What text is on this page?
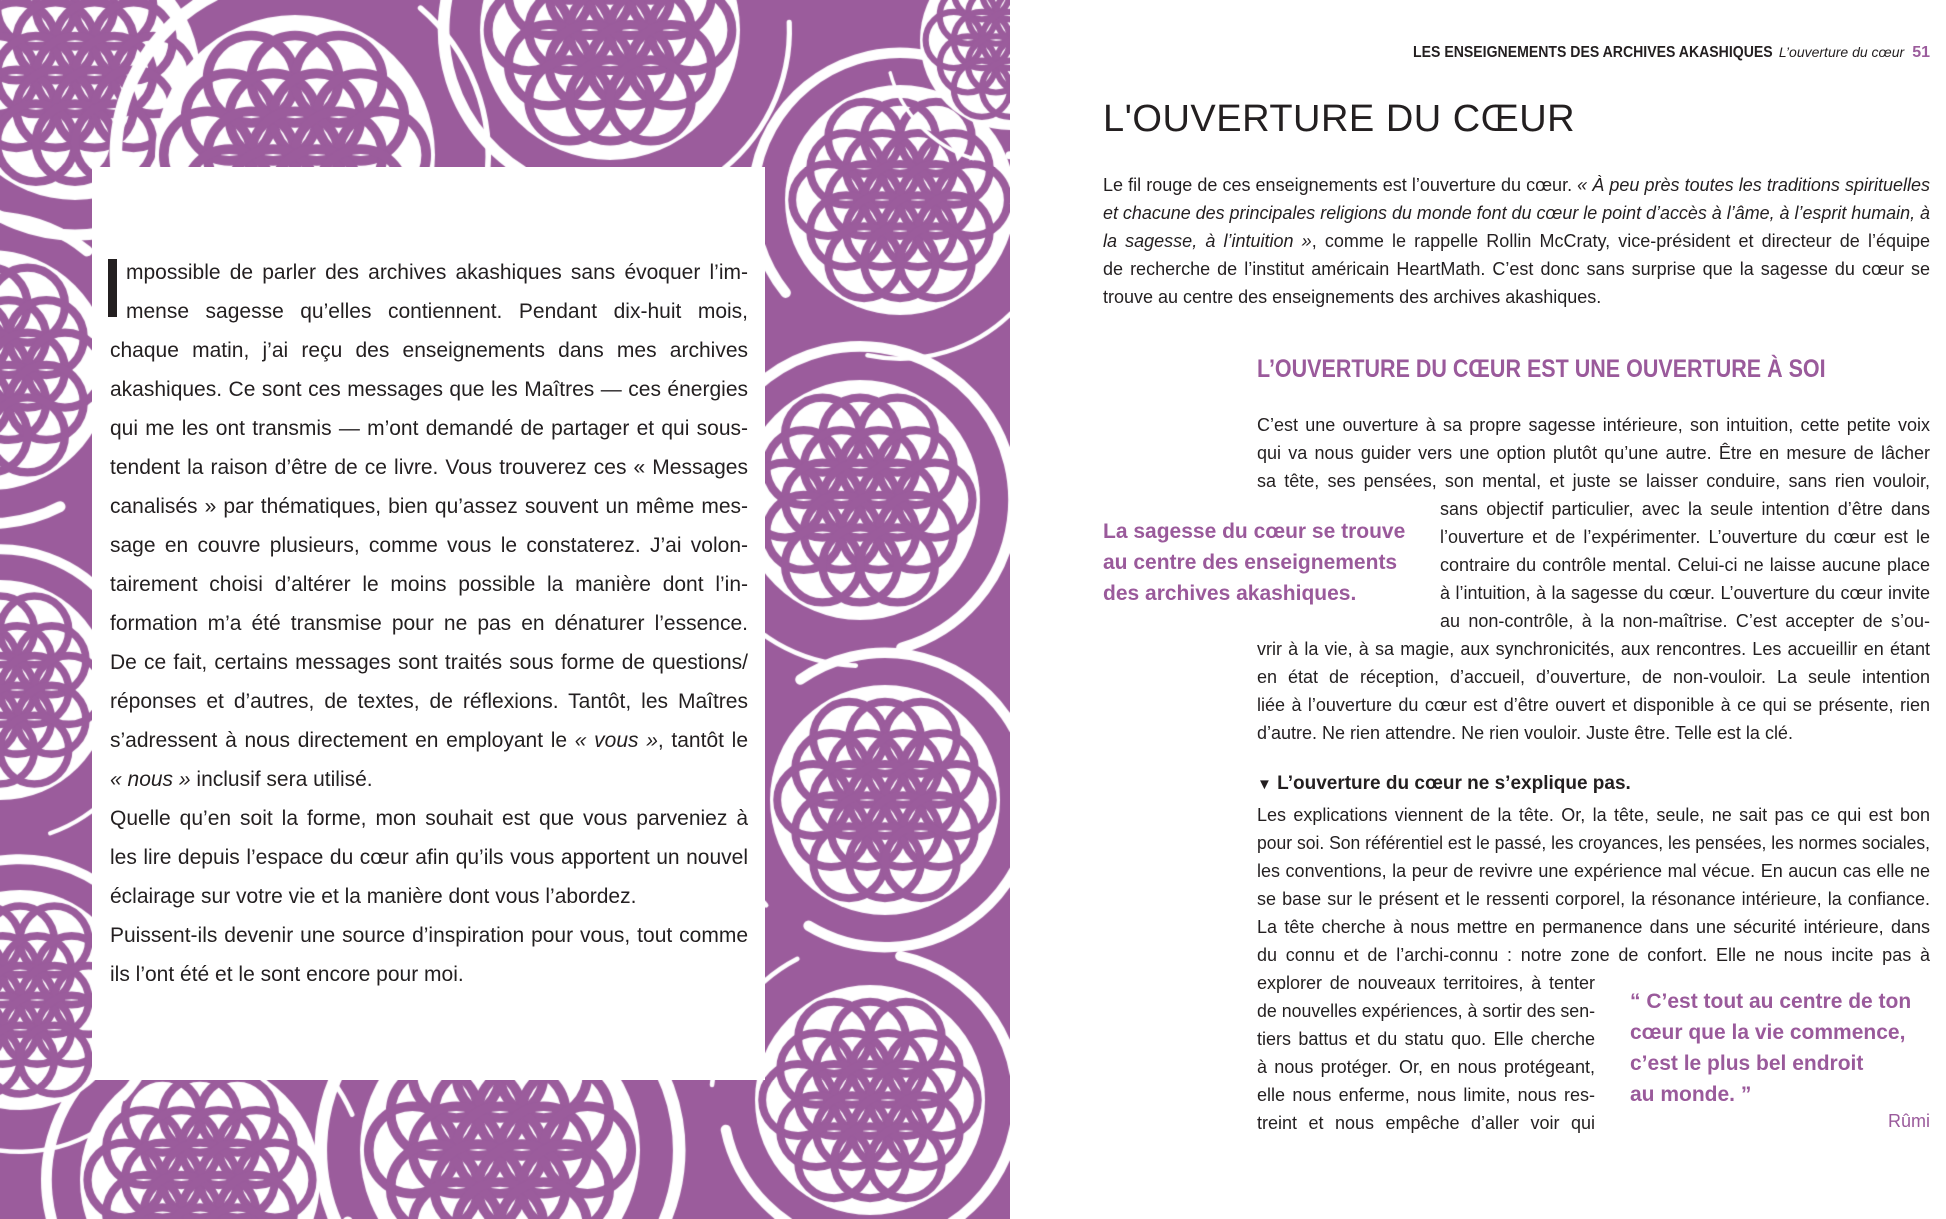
mpossible de parler des archives akashiques sans évoquer l’im-
mense sagesse qu’elles contiennent. Pendant dix-huit mois,
chaque matin, j’ai reçu des enseignements dans mes archives
akashiques. Ce sont ces messages que les Maîtres — ces énergies
qui me les ont transmis — m’ont demandé de partager et qui sous-
tendent la raison d’être de ce livre. Vous trouverez ces « Messages
canalisés » par thématiques, bien qu’assez souvent un même mes-
sage en couvre plusieurs, comme vous le constaterez. J’ai volon-
tairement choisi d’altérer le moins possible la manière dont l’in-
formation m’a été transmise pour ne pas en dénaturer l’essence.
De ce fait, certains messages sont traités sous forme de questions/
réponses et d’autres, de textes, de réflexions. Tantôt, les Maîtres
s’adressent à nous directement en employant le « vous », tantôt le
« nous » inclusif sera utilisé.
Quelle qu’en soit la forme, mon souhait est que vous parveniez à
les lire depuis l’espace du cœur afin qu’ils vous apportent un nouvel
éclairage sur votre vie et la manière dont vous l’abordez.
Puissent-ils devenir une source d’inspiration pour vous, tout comme
ils l’ont été et le sont encore pour moi.
LES ENSEIGNEMENTS DES ARCHIVES AKASHIQUES L’ouverture du cœur 51
L'OUVERTURE DU CŒUR
Le fil rouge de ces enseignements est l’ouverture du cœur. « À peu près toutes les traditions spirituelles
et chacune des principales religions du monde font du cœur le point d’accès à l’âme, à l’esprit humain, à
la sagesse, à l’intuition », comme le rappelle Rollin McCraty, vice-président et directeur de l’équipe
de recherche de l’institut américain HeartMath. C’est donc sans surprise que la sagesse du cœur se
trouve au centre des enseignements des archives akashiques.
L’OUVERTURE DU CŒUR EST UNE OUVERTURE À SOI
C’est une ouverture à sa propre sagesse intérieure, son intuition, cette petite voix
qui va nous guider vers une option plutôt qu’une autre. Être en mesure de lâcher
sa tête, ses pensées, son mental, et juste se laisser conduire, sans rien vouloir,
sans objectif particulier, avec la seule intention d’être dans
l’ouverture et de l’expérimenter. L’ouverture du cœur est le
contraire du contrôle mental. Celui-ci ne laisse aucune place
à l’intuition, à la sagesse du cœur. L’ouverture du cœur invite
au non-contrôle, à la non-maîtrise. C’est accepter de s’ou-
vrir à la vie, à sa magie, aux synchronicités, aux rencontres. Les accueillir en étant
en état de réception, d’accueil, d’ouverture, de non-vouloir. La seule intention
liée à l’ouverture du cœur est d’être ouvert et disponible à ce qui se présente, rien
d’autre. Ne rien attendre. Ne rien vouloir. Juste être. Telle est la clé.
La sagesse du cœur se trouve
au centre des enseignements
des archives akashiques.
▼ L’ouverture du cœur ne s’explique pas.
Les explications viennent de la tête. Or, la tête, seule, ne sait pas ce qui est bon
pour soi. Son référentiel est le passé, les croyances, les pensées, les normes sociales,
les conventions, la peur de revivre une expérience mal vécue. En aucun cas elle ne
se base sur le présent et le ressenti corporel, la résonance intérieure, la confiance.
La tête cherche à nous mettre en permanence dans une sécurité intérieure, dans
du connu et de l’archi-connu : notre zone de confort. Elle ne nous incite pas à
explorer de nouveaux territoires, à tenter
de nouvelles expériences, à sortir des sen-
tiers battus et du statu quo. Elle cherche
à nous protéger. Or, en nous protégeant,
elle nous enferme, nous limite, nous res-
treint et nous empêche d’aller voir qui
“ C’est tout au centre de ton
cœur que la vie commence,
c’est le plus bel endroit
au monde. ”
Rûmi
